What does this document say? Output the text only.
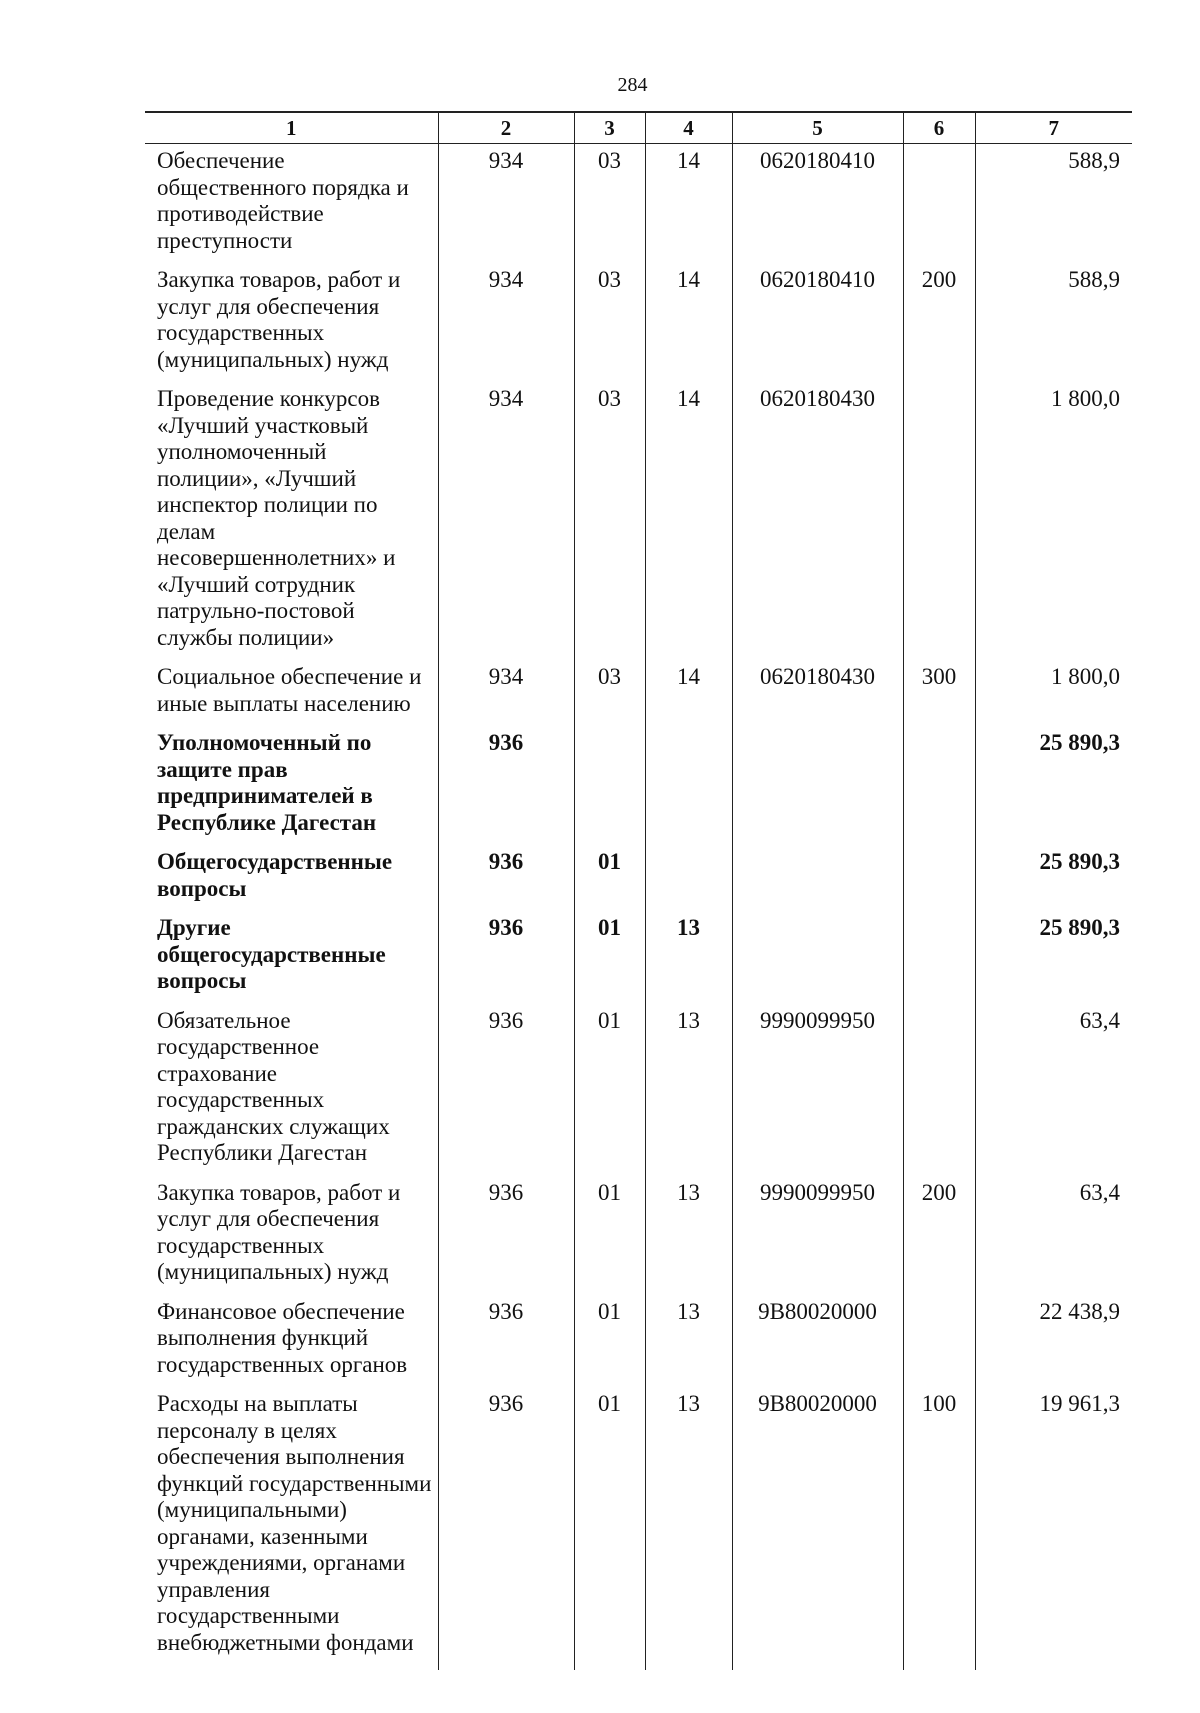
284
1	2	3	4	5	6	7
Обеспечение общественного порядка и противодействие преступности	934	03	14	0620180410		588,9
Закупка товаров, работ и услуг для обеспечения государственных (муниципальных) нужд	934	03	14	0620180410	200	588,9
Проведение конкурсов «Лучший участковый уполномоченный полиции», «Лучший инспектор полиции по делам несовершеннолетних» и «Лучший сотрудник патрульно-постовой службы полиции»	934	03	14	0620180430		1 800,0
Социальное обеспечение и иные выплаты населению	934	03	14	0620180430	300	1 800,0
Уполномоченный по защите прав предпринимателей в Республике Дагестан	936					25 890,3
Общегосударственные вопросы	936	01				25 890,3
Другие общегосударственные вопросы	936	01	13			25 890,3
Обязательное государственное страхование государственных гражданских служащих Республики Дагестан	936	01	13	9990099950		63,4
Закупка товаров, работ и услуг для обеспечения государственных (муниципальных) нужд	936	01	13	9990099950	200	63,4
Финансовое обеспечение выполнения функций государственных органов	936	01	13	9В80020000		22 438,9
Расходы на выплаты персоналу в целях обеспечения выполнения функций государственными (муниципальными) органами, казенными учреждениями, органами управления государственными внебюджетными фондами	936	01	13	9В80020000	100	19 961,3
